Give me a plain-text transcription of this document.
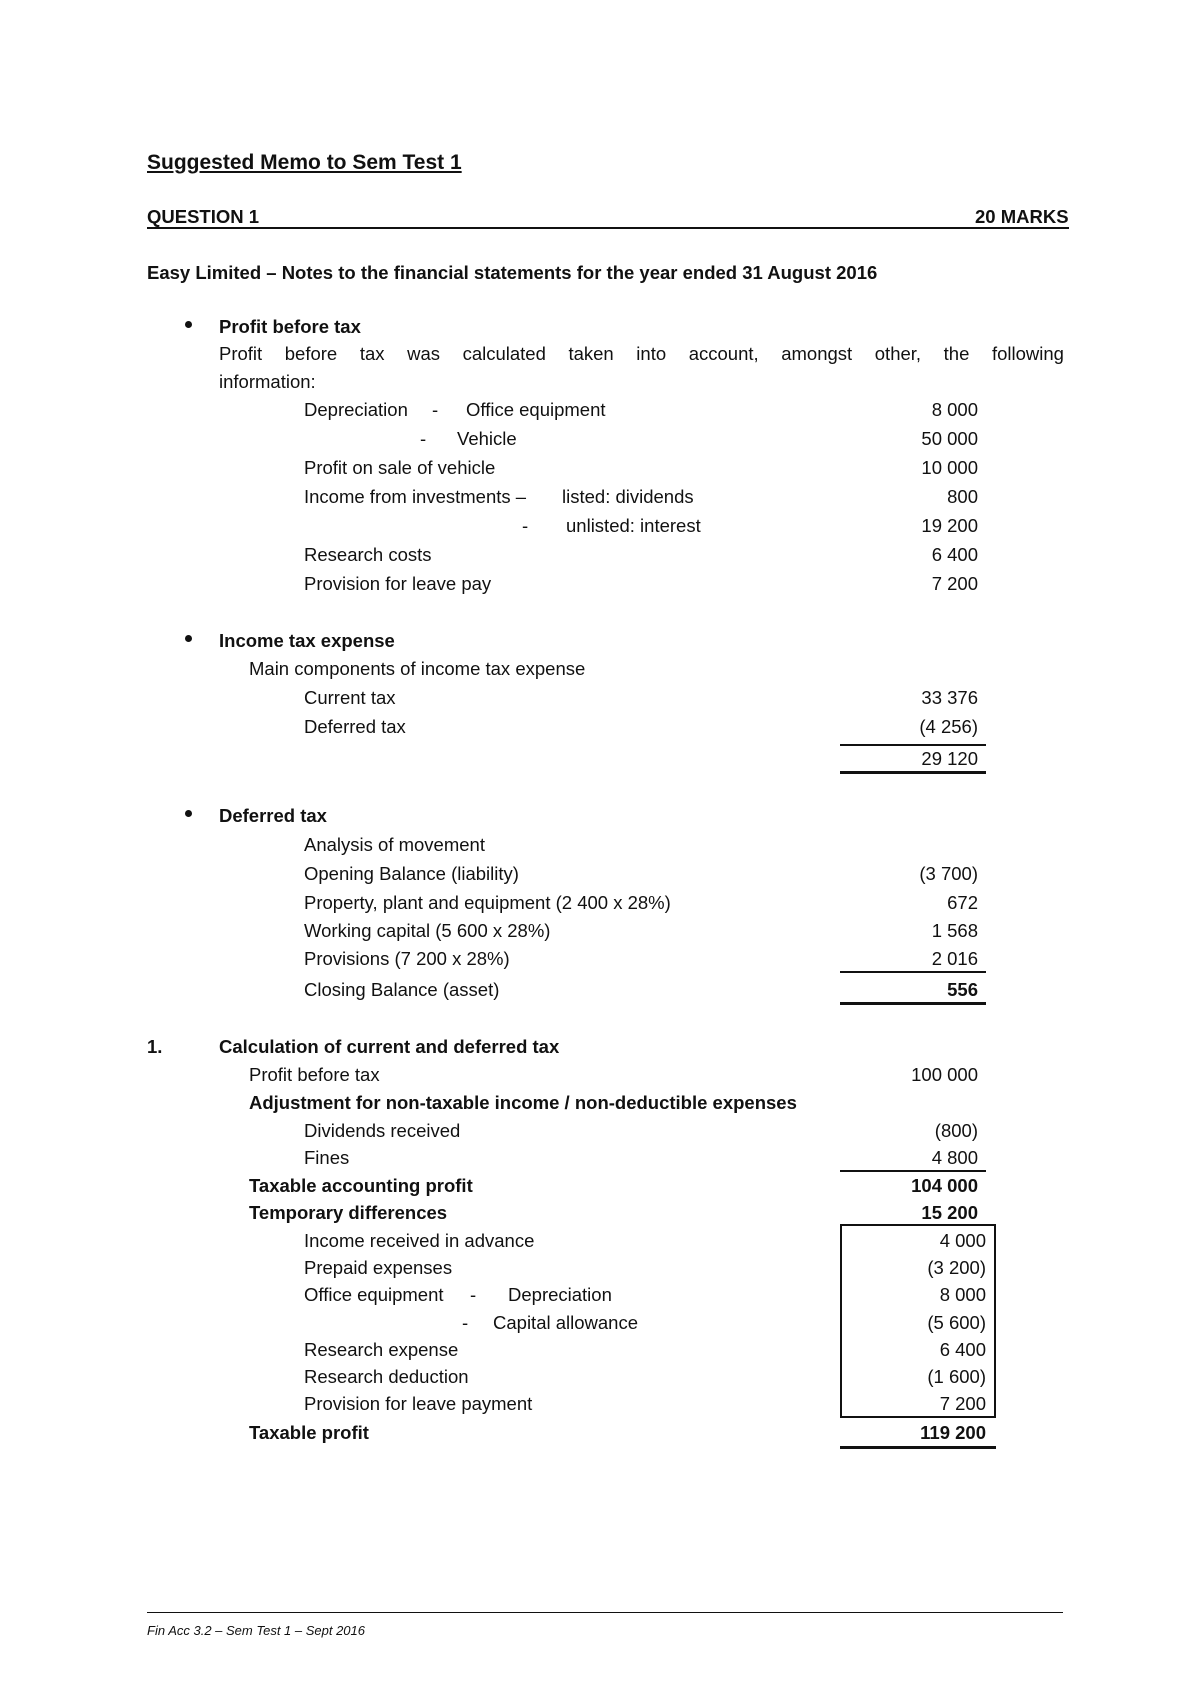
Suggested Memo to Sem Test 1
QUESTION 1	20 MARKS
Easy Limited – Notes to the financial statements for the year ended 31 August 2016
Profit before tax
Profit before tax was calculated taken into account, amongst other, the following
information:
Depreciation - Office equipment	8 000
- Vehicle	50 000
Profit on sale of vehicle	10 000
Income from investments – listed: dividends	800
- unlisted: interest	19 200
Research costs	6 400
Provision for leave pay	7 200
Income tax expense
Main components of income tax expense
Current tax	33 376
Deferred tax	(4 256)
29 120
Deferred tax
Analysis of movement
Opening Balance (liability)	(3 700)
Property, plant and equipment (2 400 x 28%)	672
Working capital (5 600 x 28%)	1 568
Provisions (7 200 x 28%)	2 016
Closing Balance (asset)	556
1.	Calculation of current and deferred tax
Profit before tax	100 000
Adjustment for non-taxable income / non-deductible expenses
Dividends received	(800)
Fines	4 800
Taxable accounting profit	104 000
Temporary differences	15 200
Income received in advance	4 000
Prepaid expenses	(3 200)
Office equipment - Depreciation	8 000
- Capital allowance	(5 600)
Research expense	6 400
Research deduction	(1 600)
Provision for leave payment	7 200
Taxable profit	119 200
Fin Acc 3.2 – Sem Test 1 – Sept 2016
